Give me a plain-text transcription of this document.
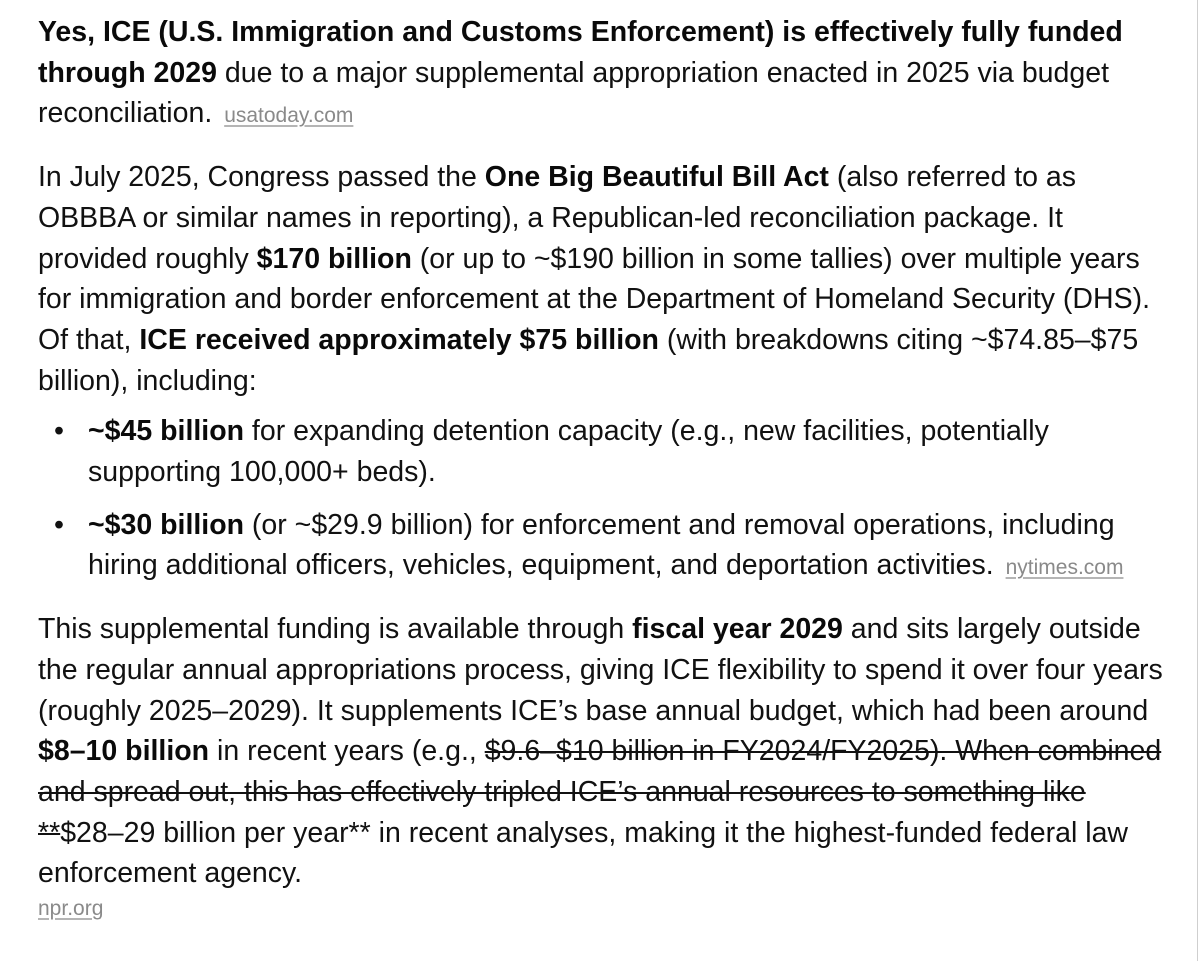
Yes, ICE (U.S. Immigration and Customs Enforcement) is effectively fully funded through 2029 due to a major supplemental appropriation enacted in 2025 via budget reconciliation. usatoday.com

In July 2025, Congress passed the One Big Beautiful Bill Act (also referred to as OBBBA or similar names in reporting), a Republican-led reconciliation package. It provided roughly $170 billion (or up to ~$190 billion in some tallies) over multiple years for immigration and border enforcement at the Department of Homeland Security (DHS). Of that, ICE received approximately $75 billion (with breakdowns citing ~$74.85–$75 billion), including:

• ~$45 billion for expanding detention capacity (e.g., new facilities, potentially supporting 100,000+ beds).
• ~$30 billion (or ~$29.9 billion) for enforcement and removal operations, including hiring additional officers, vehicles, equipment, and deportation activities. nytimes.com

This supplemental funding is available through fiscal year 2029 and sits largely outside the regular annual appropriations process, giving ICE flexibility to spend it over four years (roughly 2025–2029). It supplements ICE’s base annual budget, which had been around $8–10 billion in recent years (e.g., $9.6–$10 billion in FY2024/FY2025). When combined and spread out, this has effectively tripled ICE’s annual resources to something like **$28–29 billion per year** in recent analyses, making it the highest-funded federal law enforcement agency.
npr.org
